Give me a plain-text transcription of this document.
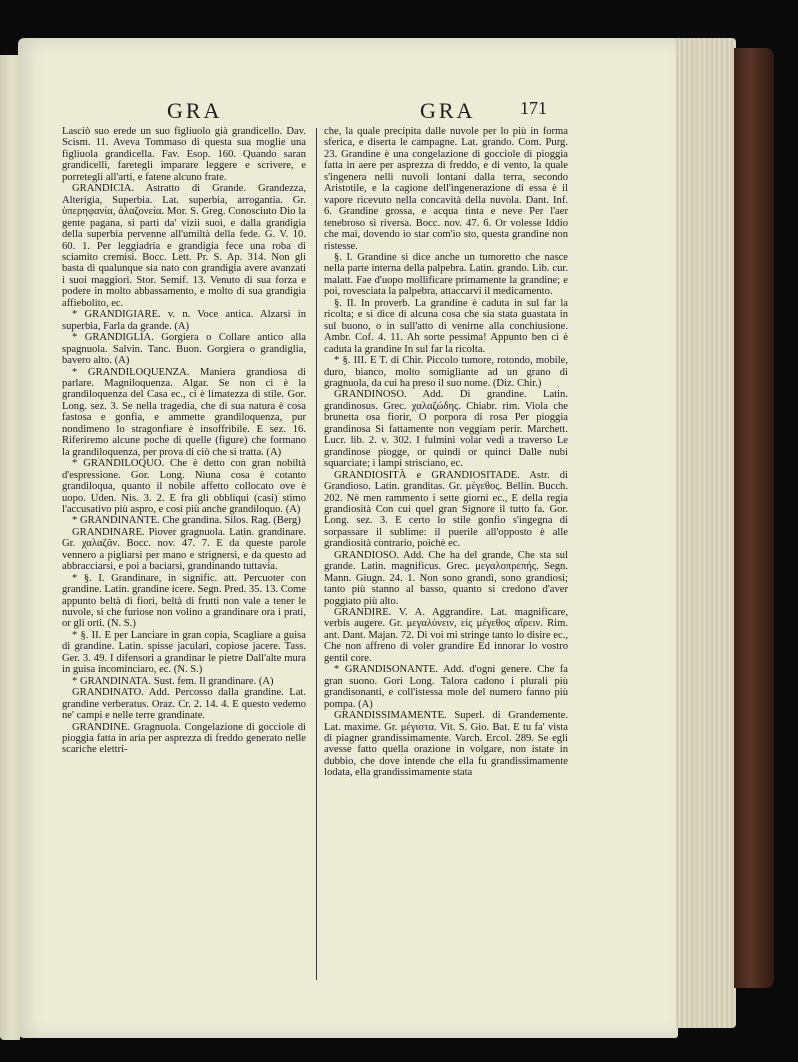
GRA	GRA 171

Lasciò suo erede un suo figliuolo già grandicello. Dav. Scism. 11. Aveva Tommaso di questa sua moglie una figliuola grandicella. Fav. Esop. 160. Quando saran grandicelli, faretegli imparare leggere e scrivere, e porretegli all'arti, e fatene alcuno frate.

GRANDICIA. Astratto di Grande. Grandezza, Alterigia, Superbia. Lat. superbia, arrogantia. Gr. ὑπερηφανία, ἀλαζονεία. Mor. S. Greg. Conosciuto Dio la gente pagana, si partì da' vizii suoi, e dalla grandigia della superbia pervenne all'umiltà della fede. G. V. 10. 60. 1. Per leggiadria e grandigia fece una roba di sciamito cremisi. Bocc. Lett. Pr. S. Ap. 314. Non gli basta di qualunque sia nato con grandigia avere avanzati i suoi maggiori. Stor. Semif. 13. Venuto di sua forza e podere in molto abbassamento, e molto di sua grandigia affiebolito, ec.

* GRANDIGIARE. v. n. Voce antica. Alzarsi in superbia, Farla da grande. (A)

* GRANDIGLIA. Gorgiera o Collare antico alla spagnuola. Salvin. Tanc. Buon. Gorgiera o grandiglia, bavero alto. (A)

* GRANDILOQUENZA. Maniera grandiosa di parlare. Magniloquenza. Algar. Se non ci è la grandiloquenza del Casa ec., ci è limatezza di stile. Gor. Long. sez. 3. Se nella tragedia, che di sua natura è cosa fastosa e gonfia, e ammette grandiloquenza, pur nondimeno lo stragonfiare è insoffribile. E sez. 16. Riferiremo alcune poche di quelle (figure) che formano la grandiloquenza, per prova di ciò che si tratta. (A)

* GRANDILOQUO. Che è detto con gran nobiltà d'espressione. Gor. Long. Niuna cosa è cotanto grandiloqua, quanto il nobile affetto collocato ove è uopo. Uden. Nis. 3. 2. E fra gli obbliqui (casi) stimo l'accusativo più aspro, e così più anche grandiloquo. (A)

* GRANDINANTE. Che grandina. Silos. Rag. (Berg)

GRANDINARE. Piover gragnuola. Latin. grandinare. Gr. χαλαζᾶν. Bocc. nov. 47. 7. E da queste parole vennero a pigliarsi per mano e strignersi, e da questo ad abbracciarsi, e poi a baciarsi, grandinando tuttavia.

* §. I. Grandinare, in signific. att. Percuoter con grandine. Latin. grandine icere. Segn. Pred. 35. 13. Come appunto beltà di fiori, beltà di frutti non vale a tener le nuvole, sì che furiose non volino a grandinare ora i prati, or gli orti. (N. S.)

* §. II. E per Lanciare in gran copia, Scagliare a guisa di grandine. Latin. spisse jaculari, copiose jacere. Tass. Ger. 3. 49. I difensori a grandinar le pietre Dall'alte mura in guisa incominciaro, ec. (N. S.)

* GRANDINATA. Sust. fem. Il grandinare. (A)

GRANDINATO. Add. Percosso dalla grandine. Lat. grandine verberatus. Oraz. Cr. 2. 14. 4. E questo vedemo ne' campi e nelle terre grandinate.

GRANDINE. Gragnuola. Congelazione di gocciole di pioggia fatta in aria per asprezza di freddo generato nelle scariche elettri-

che, la quale precipita dalle nuvole per lo più in forma sferica, e diserta le campagne. Lat. grando. Com. Purg. 23. Grandine è una congelazione di gocciole di pioggia fatta in aere per asprezza di freddo, e di vento, la quale s'ingenera nelli nuvoli lontani dalla terra, secondo Aristotile, e la cagione dell'ingenerazione di essa è il vapore ricevuto nella concavità della nuvola. Dant. Inf. 6. Grandine grossa, e acqua tinta e neve Per l'aer tenebroso si riversa. Bocc. nov. 47. 6. Or volesse Iddio che mai, dovendo io star com'io sto, questa grandine non ristesse.

§. I. Grandine si dice anche un tumoretto che nasce nella parte interna della palpebra. Latin. grando. Lib. cur. malatt. Fae d'uopo mollificare primamente la grandine; e poi, rovesciata la palpebra, attaccarvi il medicamento.

§. II. In proverb. La grandine è caduta in sul far la ricolta; e si dice di alcuna cosa che sia stata guastata in sul buono, o in sull'atto di venirne alla conchiusione. Ambr. Cof. 4. 11. Ah sorte pessima! Appunto ben ci è caduta la grandine In sul far la ricolta.

* §. III. E T. di Chir. Piccolo tumore, rotondo, mobile, duro, bianco, molto somigliante ad un grano di gragnuola, da cui ha preso il suo nome. (Diz. Chir.)

GRANDINOSO. Add. Di grandine. Latin. grandinosus. Grec. χαλαζώδης. Chiabr. rim. Viola che brunetta osa fiorir, O porpora di rosa Per pioggia grandinosa Sì fattamente non veggiam perir. Marchett. Lucr. lib. 2. v. 302. I fulmini volar vedi a traverso Le grandinose piogge, or quindi or quinci Dalle nubi squarciate; i lampi strisciano, ec.

GRANDIOSITÀ e GRANDIOSITADE. Astr. di Grandioso. Latin. granditas. Gr. μέγεθος. Bellin. Bucch. 202. Nè men rammento i sette giorni ec., E della regia grandiosità Con cui quel gran Signore il tutto fa. Gor. Long. sez. 3. E certo lo stile gonfio s'ingegna di sorpassare il sublime: il puerile all'opposto è alle grandiosità contrario, poichè ec.

GRANDIOSO. Add. Che ha del grande, Che sta sul grande. Latin. magnificus. Grec. μεγαλοπρεπής. Segn. Mann. Giugn. 24. 1. Non sono grandi, sono grandiosi; tanto più stanno al basso, quanto si credono d'aver poggiato più alto.

GRANDIRE. V. A. Aggrandire. Lat. magnificare, verbis augere. Gr. μεγαλύνειν, εἰς μέγεθος αἴρειν. Rim. ant. Dant. Majan. 72. Di voi mi stringe tanto lo disire ec., Che non affreno di voler grandire Ed innorar lo vostro gentil core.

* GRANDISONANTE. Add. d'ogni genere. Che fa gran suono. Gori Long. Talora cadono i plurali più grandisonanti, e coll'istessa mole del numero fanno più pompa. (A)

GRANDISSIMAMENTE. Superl. di Grandemente. Lat. maxime. Gr. μέγιστα. Vit. S. Gio. Bat. E tu fa' vista di piagner grandissimamente. Varch. Ercol. 289. Se egli avesse fatto quella orazione in volgare, non istate in dubbio, che dove intende che ella fu grandissimamente lodata, ella grandissimamente stata
